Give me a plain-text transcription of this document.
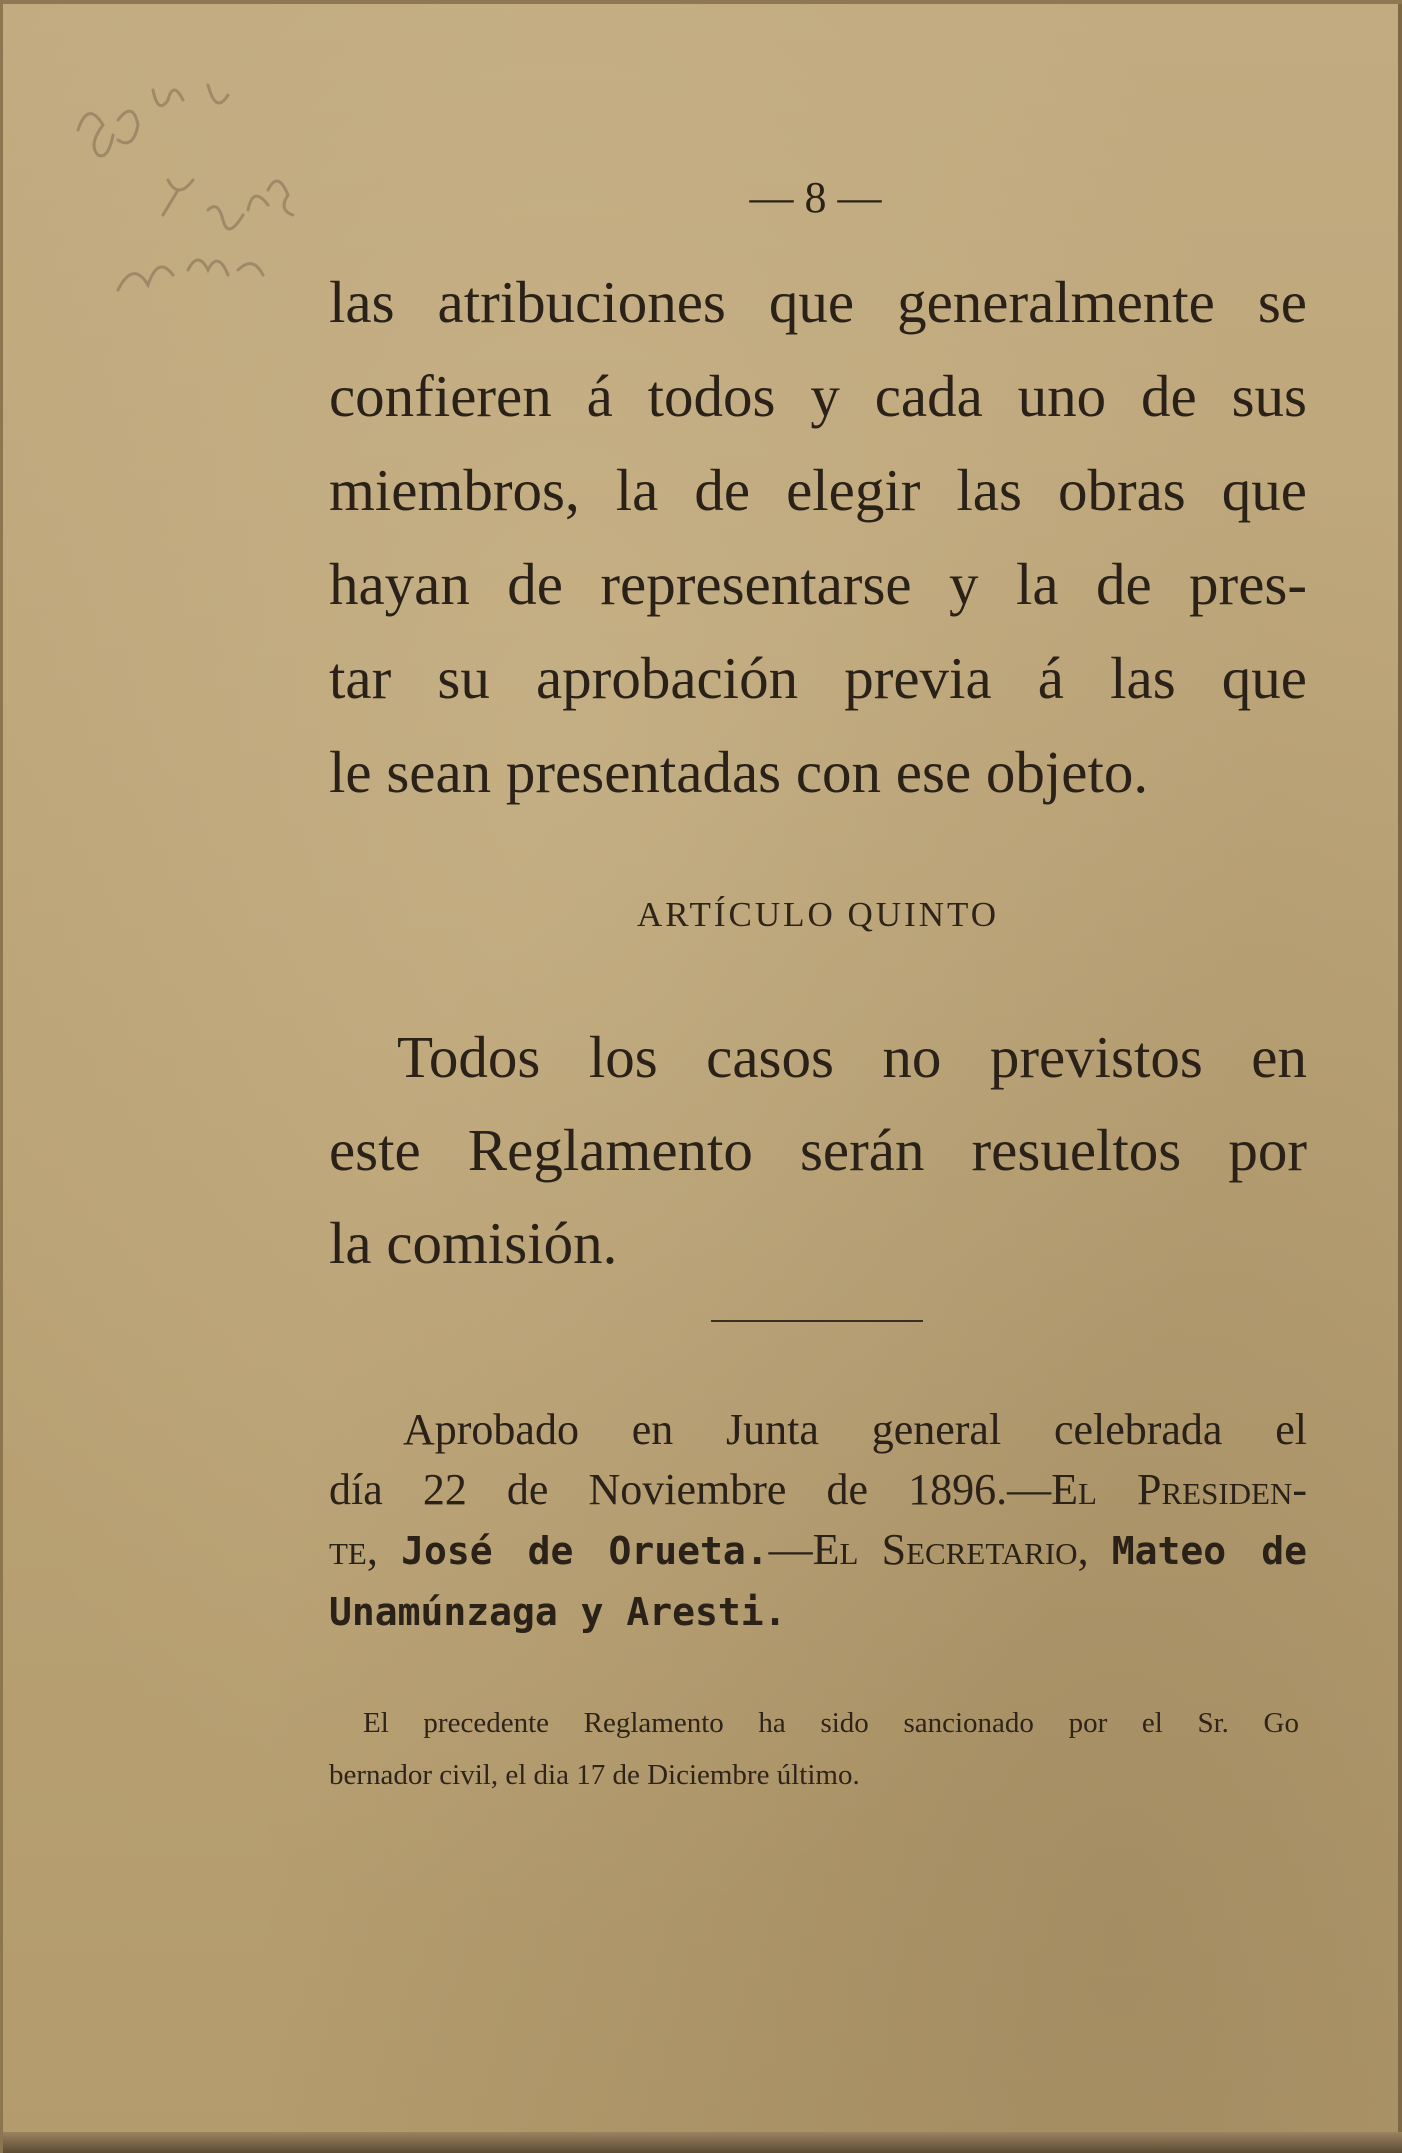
— 8 —
las atribuciones que generalmente se
confieren á todos y cada uno de sus
miembros, la de elegir las obras que
hayan de representarse y la de pres-
tar su aprobación previa á las que
le sean presentadas con ese objeto.
ARTÍCULO QUINTO
Todos los casos no previstos en
este Reglamento serán resueltos por
la comisión.
Aprobado en Junta general celebrada el
día 22 de Noviembre de 1896.—El Presiden-
te, José de Orueta.—El Secretario, Mateo de
Unamúnzaga y Aresti.
El precedente Reglamento ha sido sancionado por el Sr. Go
bernador civil, el dia 17 de Diciembre último.
